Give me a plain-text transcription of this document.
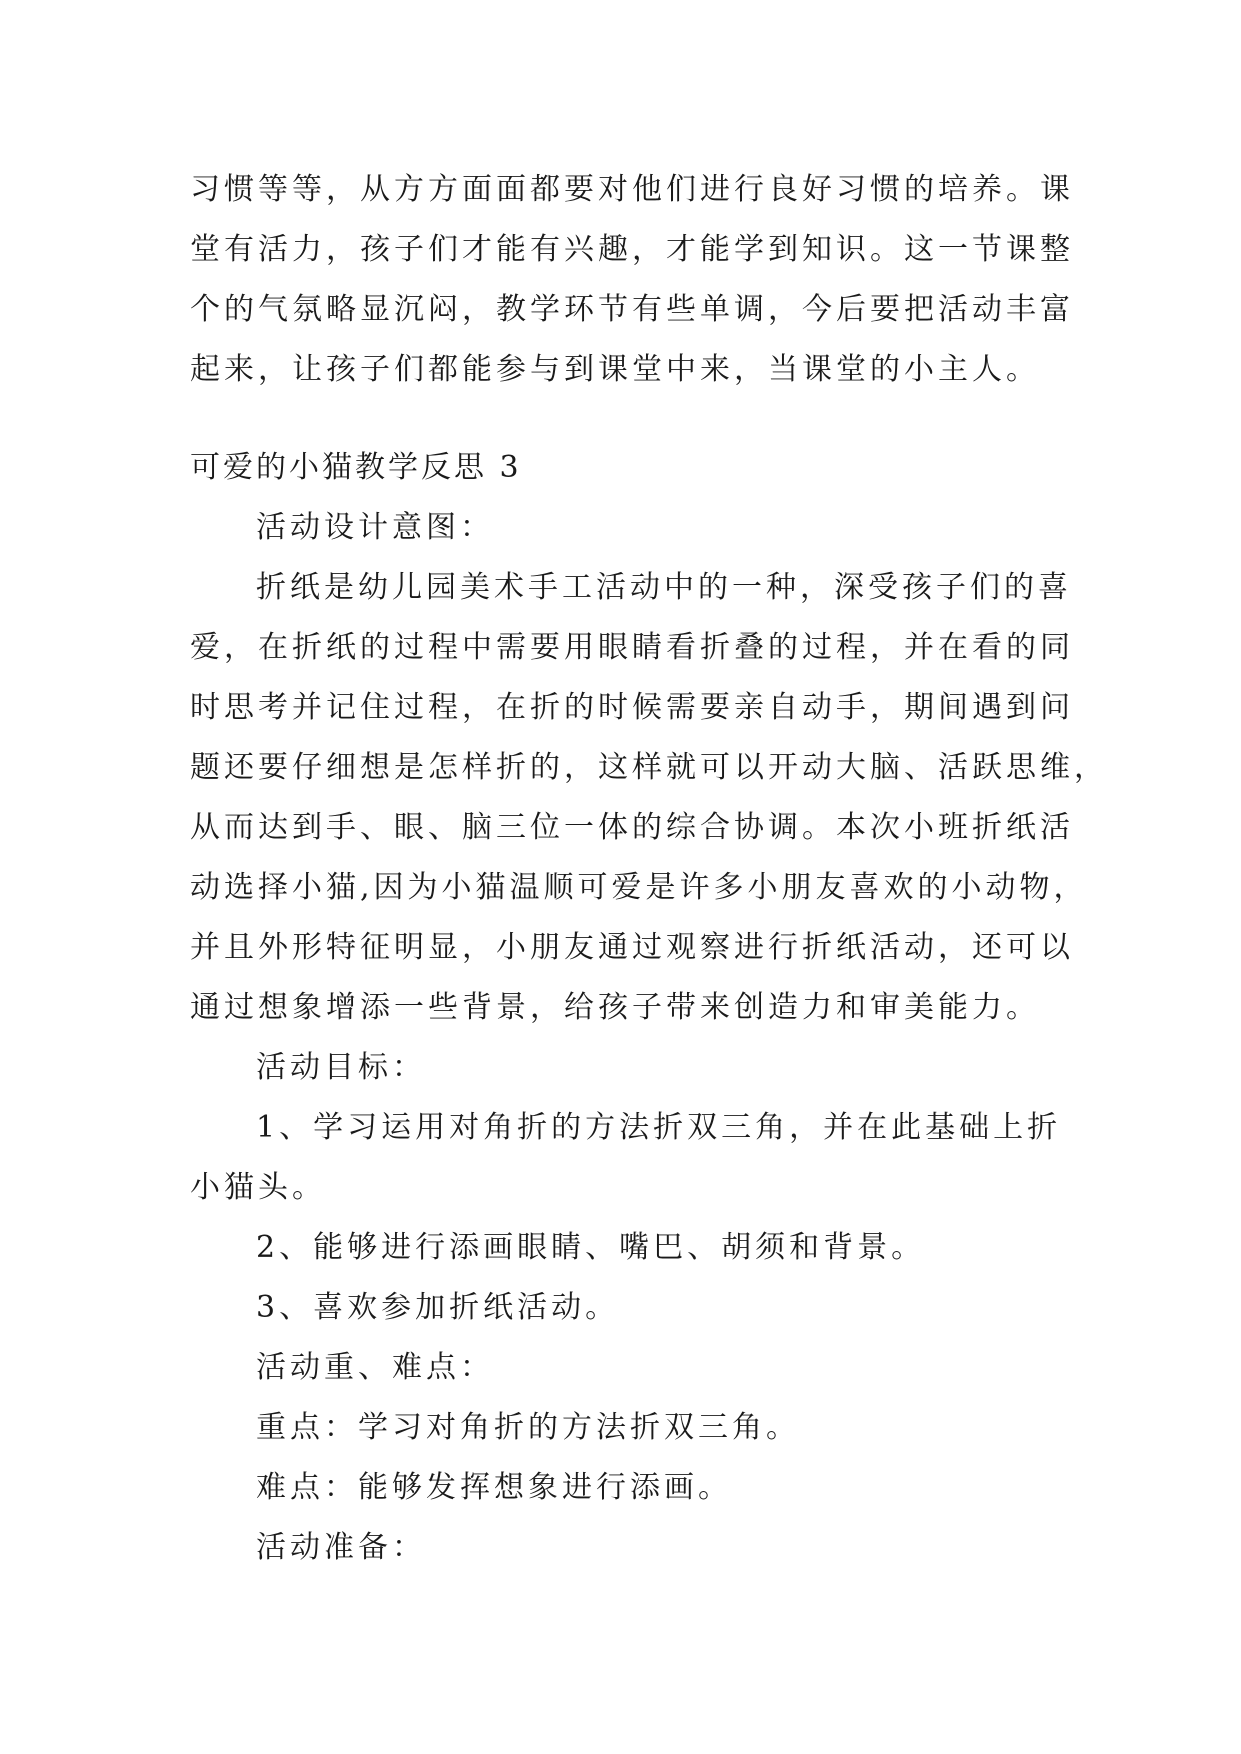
习惯等等，从方方面面都要对他们进行良好习惯的培养。课
堂有活力，孩子们才能有兴趣，才能学到知识。这一节课整
个的气氛略显沉闷，教学环节有些单调，今后要把活动丰富
起来，让孩子们都能参与到课堂中来，当课堂的小主人。
可爱的小猫教学反思 3
活动设计意图：
折纸是幼儿园美术手工活动中的一种，深受孩子们的喜
爱，在折纸的过程中需要用眼睛看折叠的过程，并在看的同
时思考并记住过程，在折的时候需要亲自动手，期间遇到问
题还要仔细想是怎样折的，这样就可以开动大脑、活跃思维，
从而达到手、眼、脑三位一体的综合协调。本次小班折纸活
动选择小猫,因为小猫温顺可爱是许多小朋友喜欢的小动物，
并且外形特征明显，小朋友通过观察进行折纸活动，还可以
通过想象增添一些背景，给孩子带来创造力和审美能力。
活动目标：
1、学习运用对角折的方法折双三角，并在此基础上折
小猫头。
2、能够进行添画眼睛、嘴巴、胡须和背景。
3、喜欢参加折纸活动。
活动重、难点：
重点：学习对角折的方法折双三角。
难点：能够发挥想象进行添画。
活动准备：
